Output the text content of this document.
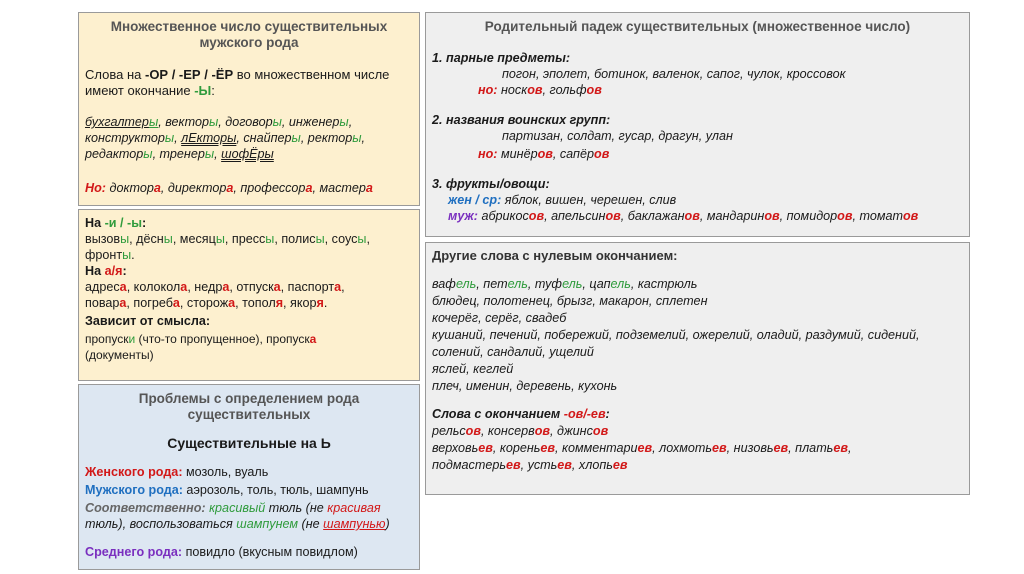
Множественное число существительных
мужского рода
Слова на -ОР / -ЕР / -ЁР во множественном числе
имеют окончание -Ы:
бухгалтеры, векторы, договоры, инженеры,
конструкторы, лЕкторы, снайперы, ректоры,
редакторы, тренеры, шофЁры
Но: доктора, директора, профессора, мастера
На -и / -ы:
вызовы, дёсны, месяцы, прессы, полисы, соусы,
фронты.
На а/я:
адреса, колокола, недра, отпуска, паспорта,
повара, погреба, сторожа, тополя, якоря.
Зависит от смысла:
пропуски (что-то пропущенное), пропуска
(документы)
Проблемы с определением рода
существительных
Существительные на Ь
Женского рода: мозоль, вуаль
Мужского рода: аэрозоль, толь, тюль, шампунь
Соответственно: красивый тюль (не красивая
тюль), воспользоваться шампунем (не шампунью)
Среднего рода: повидло (вкусным повидлом)
Родительный падеж существительных (множественное число)
1. парные предметы:
погон, эполет, ботинок, валенок, сапог, чулок, кроссовок
но: носков, гольфов
2. названия воинских групп:
партизан, солдат, гусар, драгун, улан
но: минёров, сапёров
3. фрукты/овощи:
жен / ср: яблок, вишен, черешен, слив
муж: абрикосов, апельсинов, баклажанов, мандаринов, помидоров, томатов
Другие слова с нулевым окончанием:
вафель, петель, туфель, цапель, кастрюль
блюдец, полотенец, брызг, макарон, сплетен
кочерёг, серёг, свадеб
кушаний, печений, побережий, подземелий, ожерелий, оладий, раздумий, сидений,
солений, сандалий, ущелий
яслей, кеглей
плеч, именин, деревень, кухонь
Слова с окончанием -ов/-ев:
рельсов, консервов, джинсов
верховьев, кореньев, комментариев, лохмотьев, низовьев, платьев,
подмастерьев, устьев, хлопьев
